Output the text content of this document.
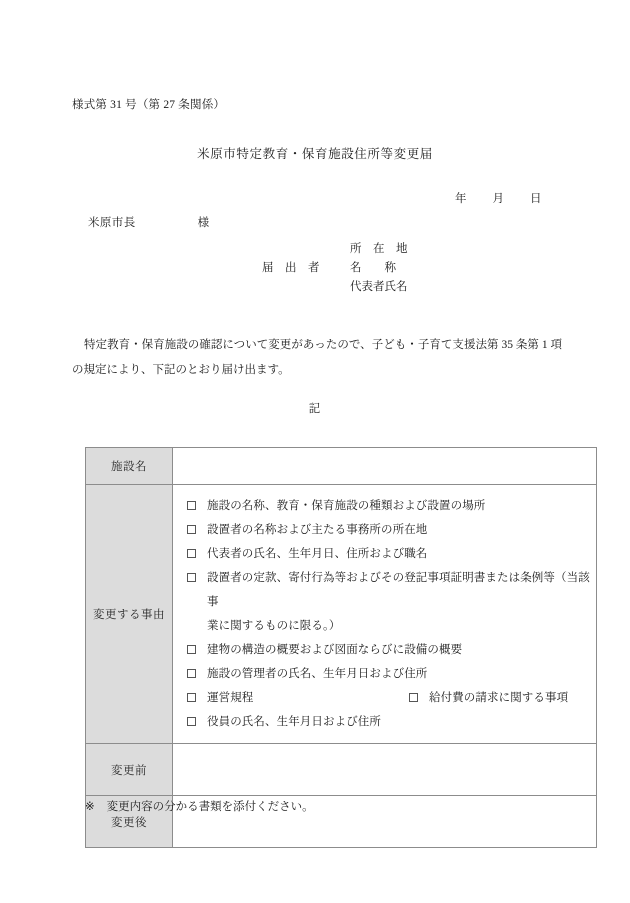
様式第 31 号（第 27 条関係）
米原市特定教育・保育施設住所等変更届
年 月 日
米原市長	様
所　在　地
届　出　者	名　　称
代表者氏名
特定教育・保育施設の確認について変更があったので、子ども・子育て支援法第 35 条第 1 項の規定により、下記のとおり届け出ます。
記
施設名	
変更する事由	
施設の名称、教育・保育施設の種類および設置の場所
設置者の名称および主たる事務所の所在地
代表者の氏名、生年月日、住所および職名
設置者の定款、寄付行為等およびその登記事項証明書または条例等（当該事
業に関するものに限る。）
建物の構造の概要および図面ならびに設備の概要
施設の管理者の氏名、生年月日および住所
運営規程	給付費の請求に関する事項
役員の氏名、生年月日および住所

変更前	
変更後	
※ 変更内容の分かる書類を添付ください。
